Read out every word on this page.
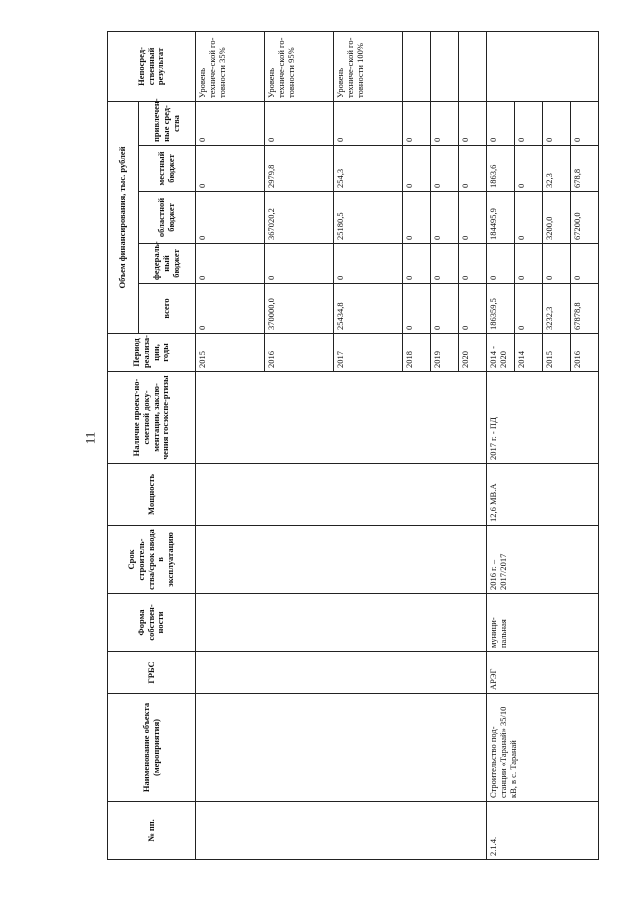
11
№ пп.	Наименование объекта (мероприятия)	ГРБС	Форма собствен-ности	Срок строитель-ства/срок ввода в эксплуатацию	Мощность	Наличие проект-но-сметной доку-ментации, заклю-чения госэкспе-ртизы	Период реализа-ции, годы	Объем финансирования, тыс. рублей					Непосред-ственный результат
								всего	федераль-ный бюджет	областной бюджет	местный бюджет	привлечен-ные сред-ства	
							2015	0	0	0	0	0	Уровень техниче-ской го-товности 35%
							2016	370000,0	0	367020,2	2979,8	0	Уровень техниче-ской го-товности 95%
							2017	25434,8	0	25180,5	254,3	0	Уровень техниче-ской го-товности 100%
							2018	0	0	0	0	0	
							2019	0	0	0	0	0	
							2020	0	0	0	0	0	
2.1.4.	Строительство под-станции «Таранай» 35/10 кВ, в с. Таранай	АРЭГ	муници-пальная	2016 г. – 2017/2017	12,6 МВ.А	2017 г. - ПД	2014 - 2020	186359,5	0	184495,9	1863,6	0	
							2014	0	0	0	0	0	
							2015	3232,3	0	3200,0	32,3	0	
							2016	67878,8	0	67200,0	678,8	0	
